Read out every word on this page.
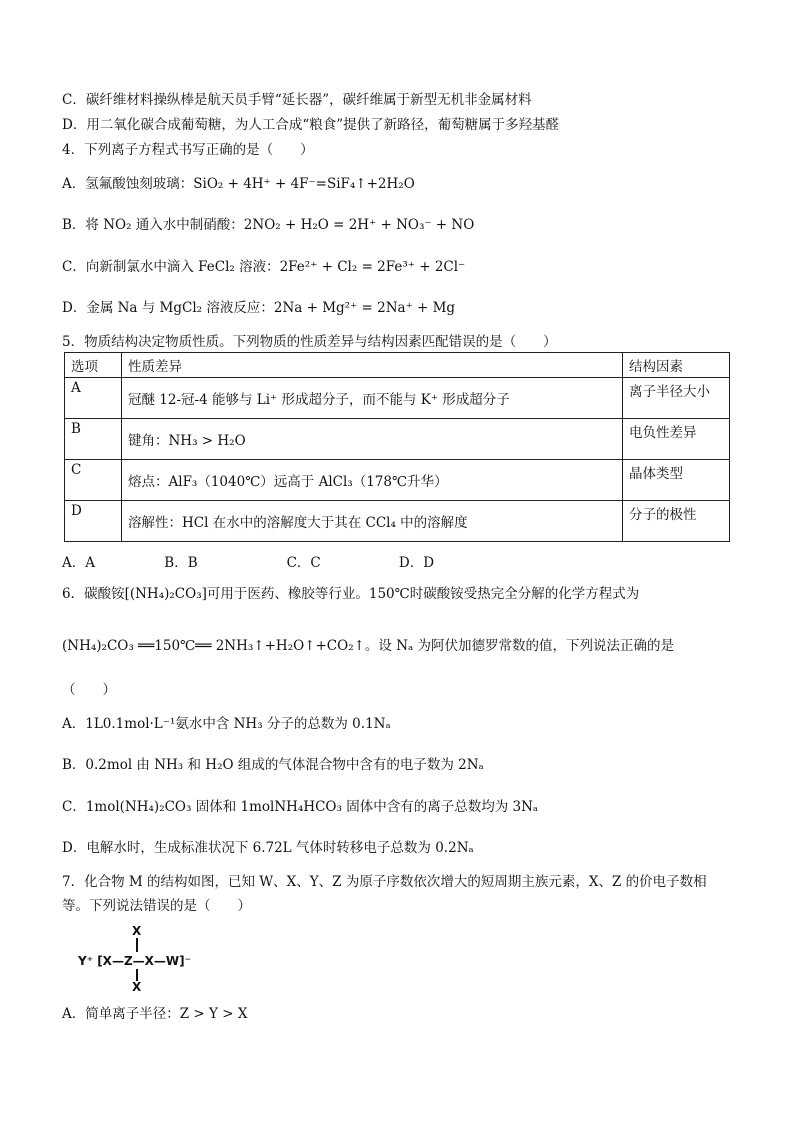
C．碳纤维材料操纵棒是航天员手臂“延长器”，碳纤维属于新型无机非金属材料
D．用二氧化碳合成葡萄糖，为人工合成“粮食”提供了新路径，葡萄糖属于多羟基醛
4．下列离子方程式书写正确的是（　　）
A．氢氟酸蚀刻玻璃：SiO₂ + 4H⁺ + 4F⁻=SiF₄↑+2H₂O
B．将 NO₂ 通入水中制硝酸：2NO₂ + H₂O = 2H⁺ + NO₃⁻ + NO
C．向新制氯水中滴入 FeCl₂ 溶液：2Fe²⁺ + Cl₂ = 2Fe³⁺ + 2Cl⁻
D．金属 Na 与 MgCl₂ 溶液反应：2Na + Mg²⁺ = 2Na⁺ + Mg
5．物质结构决定物质性质。下列物质的性质差异与结构因素匹配错误的是（　　）
选项	性质差异	结构因素
A	冠醚 12-冠-4 能够与 Li⁺ 形成超分子，而不能与 K⁺ 形成超分子	离子半径大小
B	键角：NH₃ > H₂O	电负性差异
C	熔点：AlF₃（1040℃）远高于 AlCl₃（178℃升华）	晶体类型
D	溶解性：HCl 在水中的溶解度大于其在 CCl₄ 中的溶解度	分子的极性
A．A	B．B	C．C	D．D
6．碳酸铵[(NH₄)₂CO₃]可用于医药、橡胶等行业。150℃时碳酸铵受热完全分解的化学方程式为
(NH₄)₂CO₃ ══150℃══ 2NH₃↑+H₂O↑+CO₂↑。设 Nₐ 为阿伏加德罗常数的值，下列说法正确的是
（　　）
A．1L0.1mol·L⁻¹氨水中含 NH₃ 分子的总数为 0.1Nₐ
B．0.2mol 由 NH₃ 和 H₂O 组成的气体混合物中含有的电子数为 2Nₐ
C．1mol(NH₄)₂CO₃ 固体和 1molNH₄HCO₃ 固体中含有的离子总数均为 3Nₐ
D．电解水时，生成标准状况下 6.72L 气体时转移电子总数为 0.2Nₐ
7．化合物 M 的结构如图，已知 W、X、Y、Z 为原子序数依次增大的短周期主族元素，X、Z 的价电子数相
等。下列说法错误的是（　　）
X
Y⁺ [X—Z—X—W]⁻
X
A．简单离子半径：Z > Y > X
